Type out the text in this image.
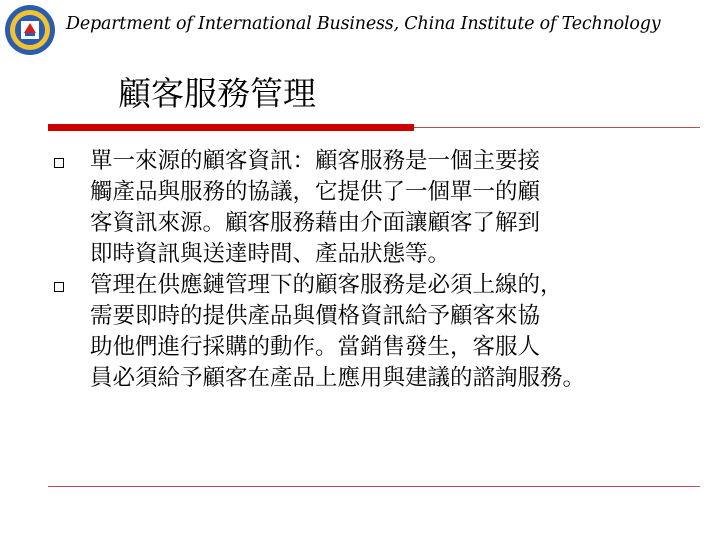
Department of International Business, China Institute of Technology
顧客服務管理
單一來源的顧客資訊：顧客服務是一個主要接
觸產品與服務的協議，它提供了一個單一的顧
客資訊來源。顧客服務藉由介面讓顧客了解到
即時資訊與送達時間、產品狀態等。
管理在供應鏈管理下的顧客服務是必須上線的，
需要即時的提供產品與價格資訊給予顧客來協
助他們進行採購的動作。當銷售發生，客服人
員必須給予顧客在產品上應用與建議的諮詢服務。
